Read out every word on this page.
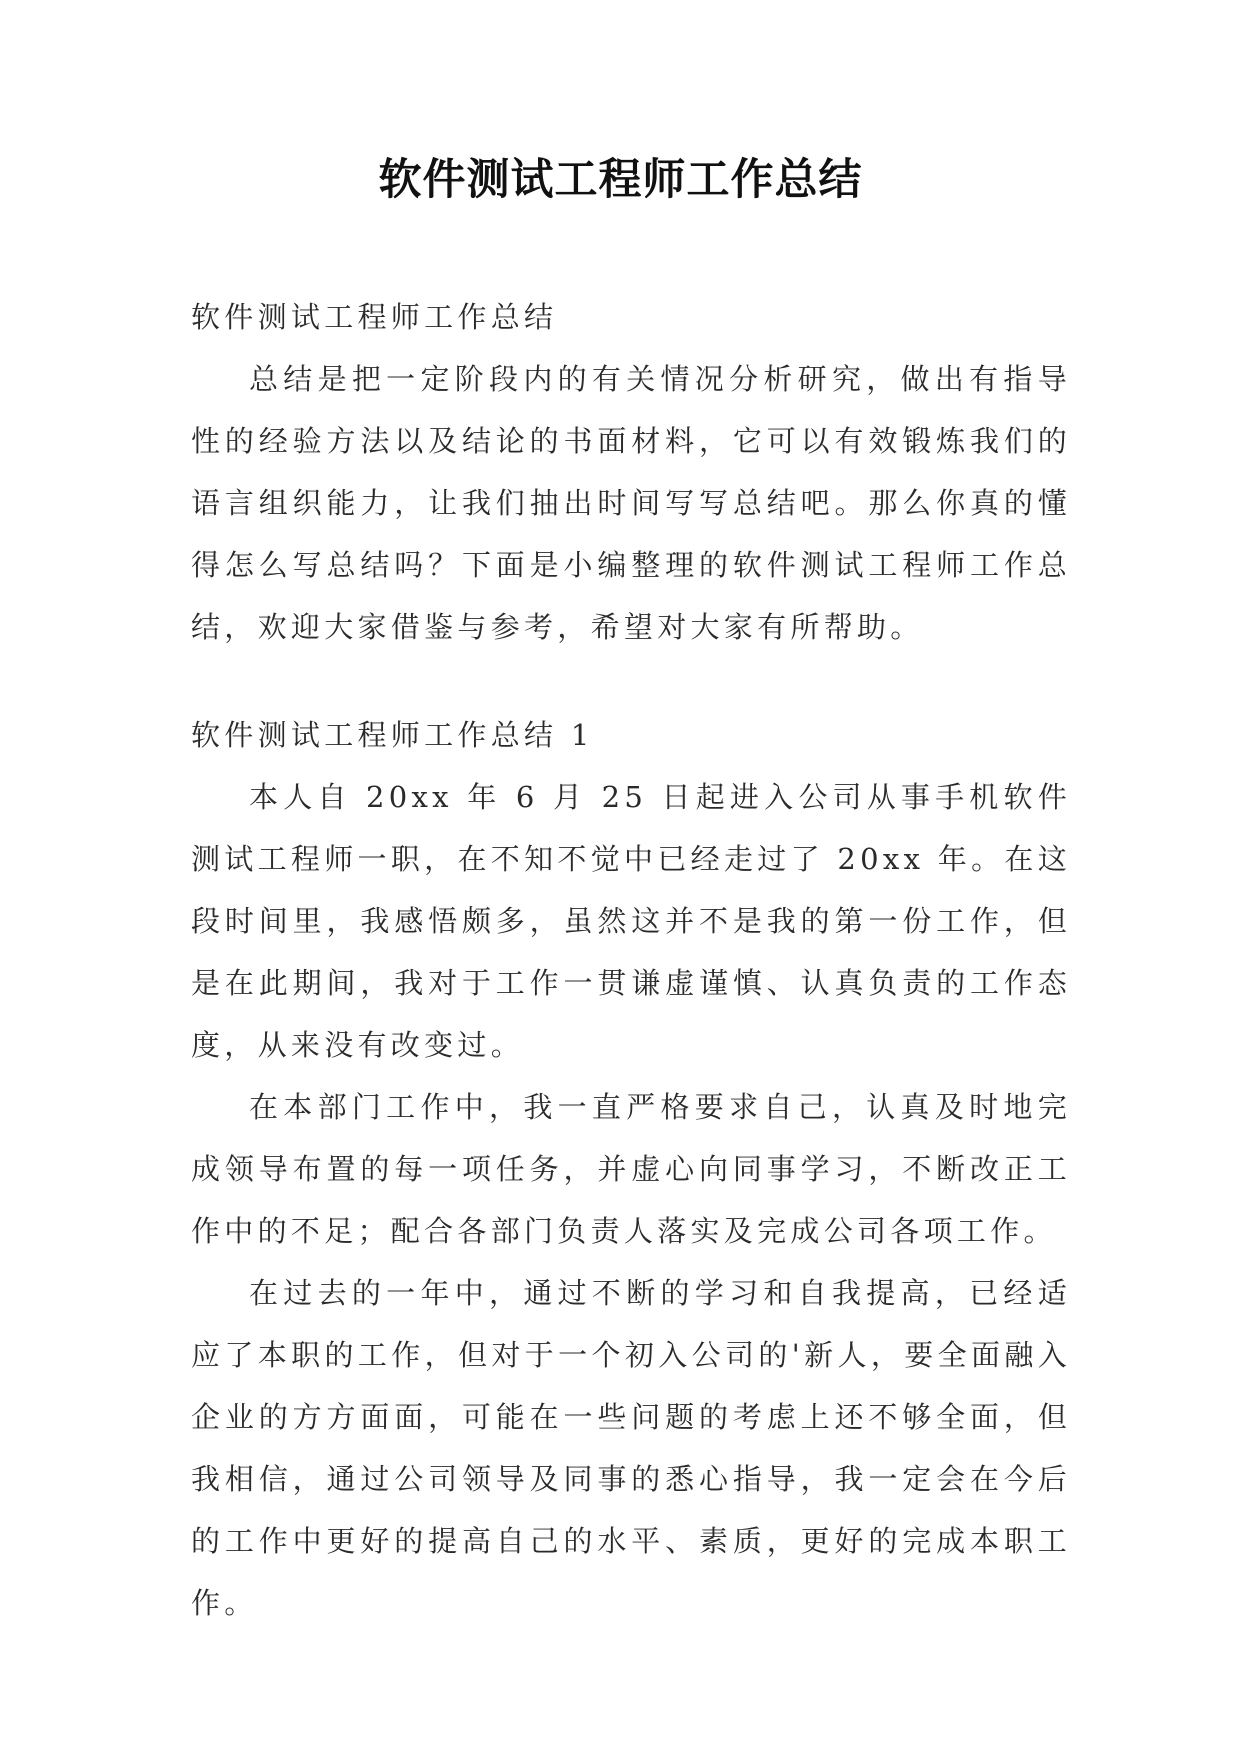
软件测试工程师工作总结

软件测试工程师工作总结

总结是把一定阶段内的有关情况分析研究，做出有指导性的经验方法以及结论的书面材料，它可以有效锻炼我们的语言组织能力，让我们抽出时间写写总结吧。那么你真的懂得怎么写总结吗？下面是小编整理的软件测试工程师工作总结，欢迎大家借鉴与参考，希望对大家有所帮助。

软件测试工程师工作总结 1

本人自 20xx 年 6 月 25 日起进入公司从事手机软件测试工程师一职，在不知不觉中已经走过了 20xx 年。在这段时间里，我感悟颇多，虽然这并不是我的第一份工作，但是在此期间，我对于工作一贯谦虚谨慎、认真负责的工作态度，从来没有改变过。

在本部门工作中，我一直严格要求自己，认真及时地完成领导布置的每一项任务，并虚心向同事学习，不断改正工作中的不足；配合各部门负责人落实及完成公司各项工作。

在过去的一年中，通过不断的学习和自我提高，已经适应了本职的工作，但对于一个初入公司的'新人，要全面融入企业的方方面面，可能在一些问题的考虑上还不够全面，但我相信，通过公司领导及同事的悉心指导，我一定会在今后的工作中更好的提高自己的水平、素质，更好的完成本职工作。
